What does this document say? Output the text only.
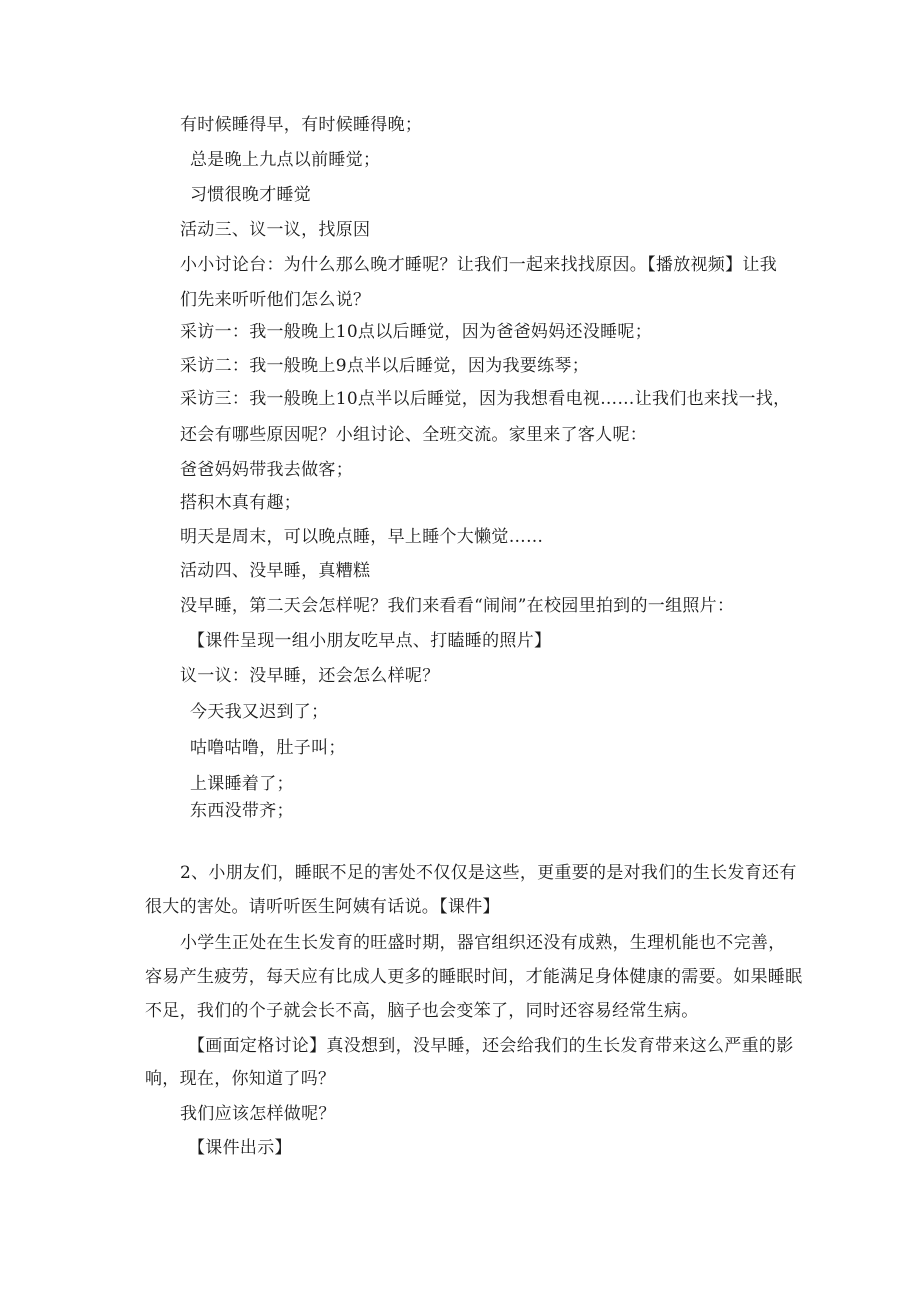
有时候睡得早，有时候睡得晚；

总是晚上九点以前睡觉；

习惯很晚才睡觉

活动三、议一议，找原因

小小讨论台：为什么那么晚才睡呢？让我们一起来找找原因。【播放视频】让我

们先来听听他们怎么说？

采访一：我一般晚上10点以后睡觉，因为爸爸妈妈还没睡呢；

采访二：我一般晚上9点半以后睡觉，因为我要练琴；

采访三：我一般晚上10点半以后睡觉，因为我想看电视……让我们也来找一找，

还会有哪些原因呢？小组讨论、全班交流。家里来了客人呢：

爸爸妈妈带我去做客；

搭积木真有趣；

明天是周末，可以晚点睡，早上睡个大懒觉……

活动四、没早睡，真糟糕

没早睡，第二天会怎样呢？我们来看看“闹闹”在校园里拍到的一组照片：

【课件呈现一组小朋友吃早点、打瞌睡的照片】

议一议：没早睡，还会怎么样呢？

今天我又迟到了；

咕噜咕噜，肚子叫；

上课睡着了；

东西没带齐；

2、小朋友们，睡眠不足的害处不仅仅是这些，更重要的是对我们的生长发育还有

很大的害处。请听听医生阿姨有话说。【课件】

小学生正处在生长发育的旺盛时期，器官组织还没有成熟，生理机能也不完善，

容易产生疲劳，每天应有比成人更多的睡眠时间，才能满足身体健康的需要。如果睡眠

不足，我们的个子就会长不高，脑子也会变笨了，同时还容易经常生病。

【画面定格讨论】真没想到，没早睡，还会给我们的生长发育带来这么严重的影

响，现在，你知道了吗？

我们应该怎样做呢？

【课件出示】
